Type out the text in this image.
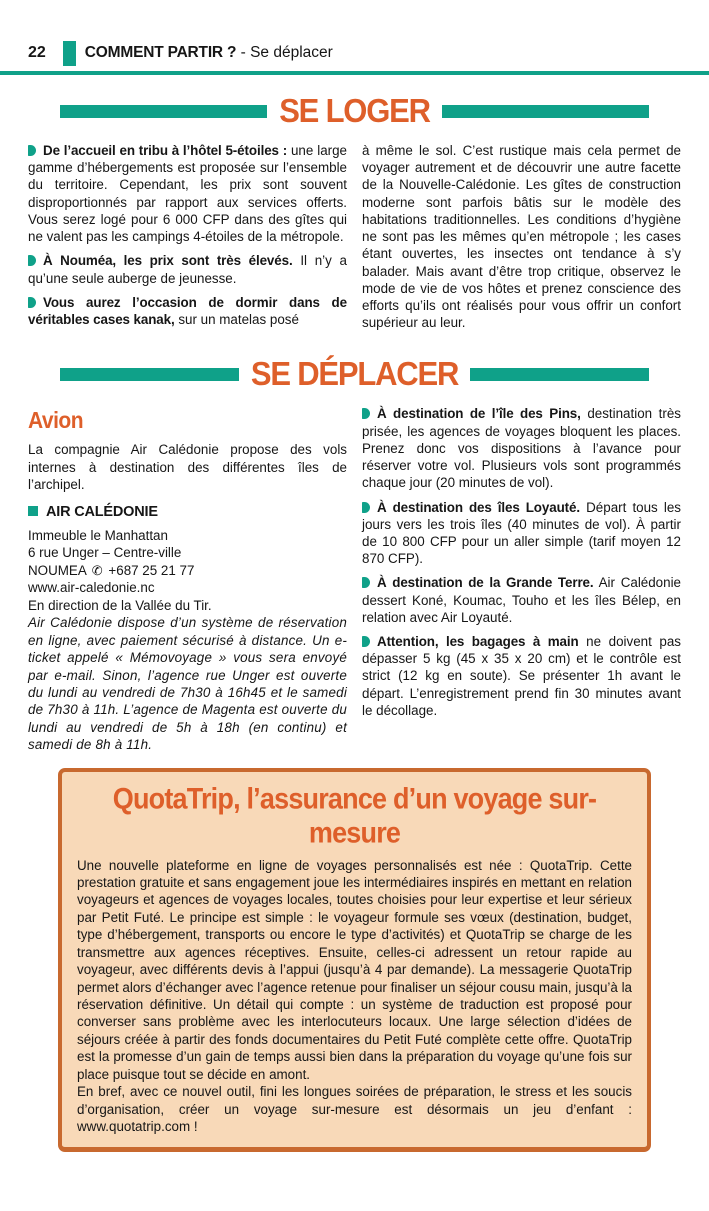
22	COMMENT PARTIR ? - Se déplacer
SE LOGER

De l’accueil en tribu à l’hôtel 5-étoiles : une large gamme d’hébergements est proposée sur l’ensemble du territoire. Cependant, les prix sont souvent disproportionnés par rapport aux services offerts. Vous serez logé pour 6 000 CFP dans des gîtes qui ne valent pas les campings 4-étoiles de la métropole.

À Nouméa, les prix sont très élevés. Il n’y a qu’une seule auberge de jeunesse.

Vous aurez l’occasion de dormir dans de véritables cases kanak, sur un matelas posé

à même le sol. C’est rustique mais cela permet de voyager autrement et de découvrir une autre facette de la Nouvelle-Calédonie. Les gîtes de construction moderne sont parfois bâtis sur le modèle des habitations traditionnelles. Les conditions d’hygiène ne sont pas les mêmes qu’en métropole ; les cases étant ouvertes, les insectes ont tendance à s’y balader. Mais avant d’être trop critique, observez le mode de vie de vos hôtes et prenez conscience des efforts qu’ils ont réalisés pour vous offrir un confort supérieur au leur.

SE DÉPLACER
Avion

La compagnie Air Calédonie propose des vols internes à destination des différentes îles de l’archipel.

AIR CALÉDONIE

Immeuble le Manhattan

6 rue Unger – Centre-ville

NOUMEA ✆ +687 25 21 77

www.air-caledonie.nc

En direction de la Vallée du Tir.

Air Calédonie dispose d’un système de réservation en ligne, avec paiement sécurisé à distance. Un e-ticket appelé « Mémovoyage » vous sera envoyé par e-mail. Sinon, l’agence rue Unger est ouverte du lundi au vendredi de 7h30 à 16h45 et le samedi de 7h30 à 11h. L’agence de Magenta est ouverte du lundi au vendredi de 5h à 18h (en continu) et samedi de 8h à 11h.

À destination de l’île des Pins, destination très prisée, les agences de voyages bloquent les places. Prenez donc vos dispositions à l’avance pour réserver votre vol. Plusieurs vols sont programmés chaque jour (20 minutes de vol).

À destination des îles Loyauté. Départ tous les jours vers les trois îles (40 minutes de vol). À partir de 10 800 CFP pour un aller simple (tarif moyen 12 870 CFP).

À destination de la Grande Terre. Air Calédonie dessert Koné, Koumac, Touho et les îles Bélep, en relation avec Air Loyauté.

Attention, les bagages à main ne doivent pas dépasser 5 kg (45 x 35 x 20 cm) et le contrôle est strict (12 kg en soute). Se présenter 1h avant le départ. L’enregistrement prend fin 30 minutes avant le décollage.

QuotaTrip, l’assurance d’un voyage sur-mesure

Une nouvelle plateforme en ligne de voyages personnalisés est née : QuotaTrip. Cette prestation gratuite et sans engagement joue les intermédiaires inspirés en mettant en relation voyageurs et agences de voyages locales, toutes choisies pour leur expertise et leur sérieux par Petit Futé. Le principe est simple : le voyageur formule ses vœux (destination, budget, type d’hébergement, transports ou encore le type d’activités) et QuotaTrip se charge de les transmettre aux agences réceptives. Ensuite, celles-ci adressent un retour rapide au voyageur, avec différents devis à l’appui (jusqu’à 4 par demande). La messagerie QuotaTrip permet alors d’échanger avec l’agence retenue pour finaliser un séjour cousu main, jusqu’à la réservation définitive. Un détail qui compte : un système de traduction est proposé pour converser sans problème avec les interlocuteurs locaux. Une large sélection d’idées de séjours créée à partir des fonds documentaires du Petit Futé complète cette offre. QuotaTrip est la promesse d’un gain de temps aussi bien dans la préparation du voyage qu’une fois sur place puisque tout se décide en amont.

En bref, avec ce nouvel outil, fini les longues soirées de préparation, le stress et les soucis d’organisation, créer un voyage sur-mesure est désormais un jeu d’enfant : www.quotatrip.com !
